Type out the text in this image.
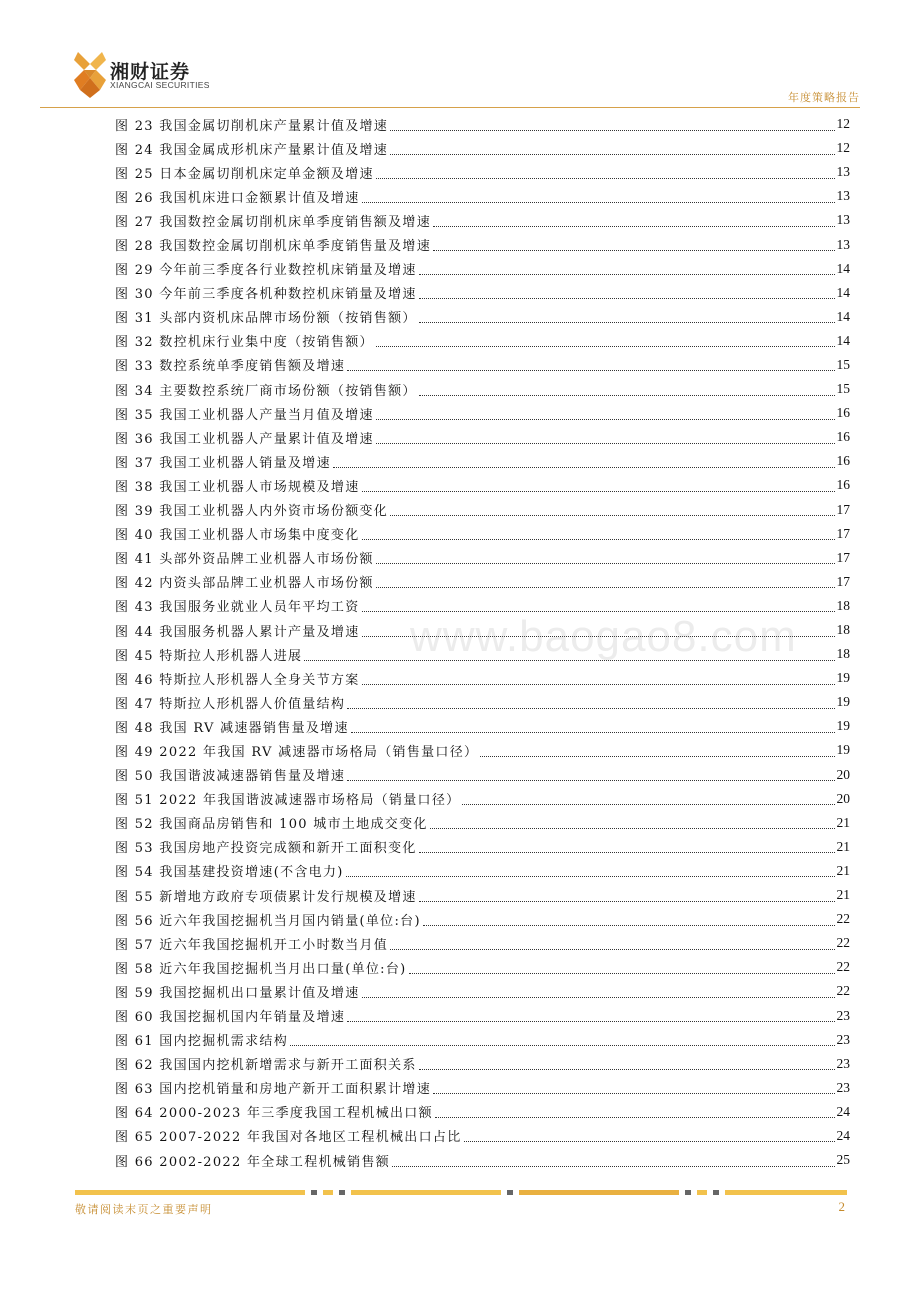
湘财证券
XIANGCAI SECURITIES
年度策略报告
图 23 我国金属切削机床产量累计值及增速	12
图 24 我国金属成形机床产量累计值及增速	12
图 25 日本金属切削机床定单金额及增速	13
图 26 我国机床进口金额累计值及增速	13
图 27 我国数控金属切削机床单季度销售额及增速	13
图 28 我国数控金属切削机床单季度销售量及增速	13
图 29 今年前三季度各行业数控机床销量及增速	14
图 30 今年前三季度各机种数控机床销量及增速	14
图 31 头部内资机床品牌市场份额（按销售额）	14
图 32 数控机床行业集中度（按销售额）	14
图 33 数控系统单季度销售额及增速	15
图 34 主要数控系统厂商市场份额（按销售额）	15
图 35 我国工业机器人产量当月值及增速	16
图 36 我国工业机器人产量累计值及增速	16
图 37 我国工业机器人销量及增速	16
图 38 我国工业机器人市场规模及增速	16
图 39 我国工业机器人内外资市场份额变化	17
图 40 我国工业机器人市场集中度变化	17
图 41 头部外资品牌工业机器人市场份额	17
图 42 内资头部品牌工业机器人市场份额	17
图 43 我国服务业就业人员年平均工资	18
图 44 我国服务机器人累计产量及增速	18
图 45 特斯拉人形机器人进展	18
图 46 特斯拉人形机器人全身关节方案	19
图 47 特斯拉人形机器人价值量结构	19
图 48 我国 RV 减速器销售量及增速	19
图 49 2022 年我国 RV 减速器市场格局（销售量口径）	19
图 50 我国谐波减速器销售量及增速	20
图 51 2022 年我国谐波减速器市场格局（销量口径）	20
图 52 我国商品房销售和 100 城市土地成交变化	21
图 53 我国房地产投资完成额和新开工面积变化	21
图 54 我国基建投资增速(不含电力)	21
图 55 新增地方政府专项债累计发行规模及增速	21
图 56 近六年我国挖掘机当月国内销量(单位:台)	22
图 57 近六年我国挖掘机开工小时数当月值	22
图 58 近六年我国挖掘机当月出口量(单位:台)	22
图 59 我国挖掘机出口量累计值及增速	22
图 60 我国挖掘机国内年销量及增速	23
图 61 国内挖掘机需求结构	23
图 62 我国国内挖机新增需求与新开工面积关系	23
图 63 国内挖机销量和房地产新开工面积累计增速	23
图 64 2000-2023 年三季度我国工程机械出口额	24
图 65 2007-2022 年我国对各地区工程机械出口占比	24
图 66 2002-2022 年全球工程机械销售额	25
www.baogao8.com
敬请阅读末页之重要声明	2
